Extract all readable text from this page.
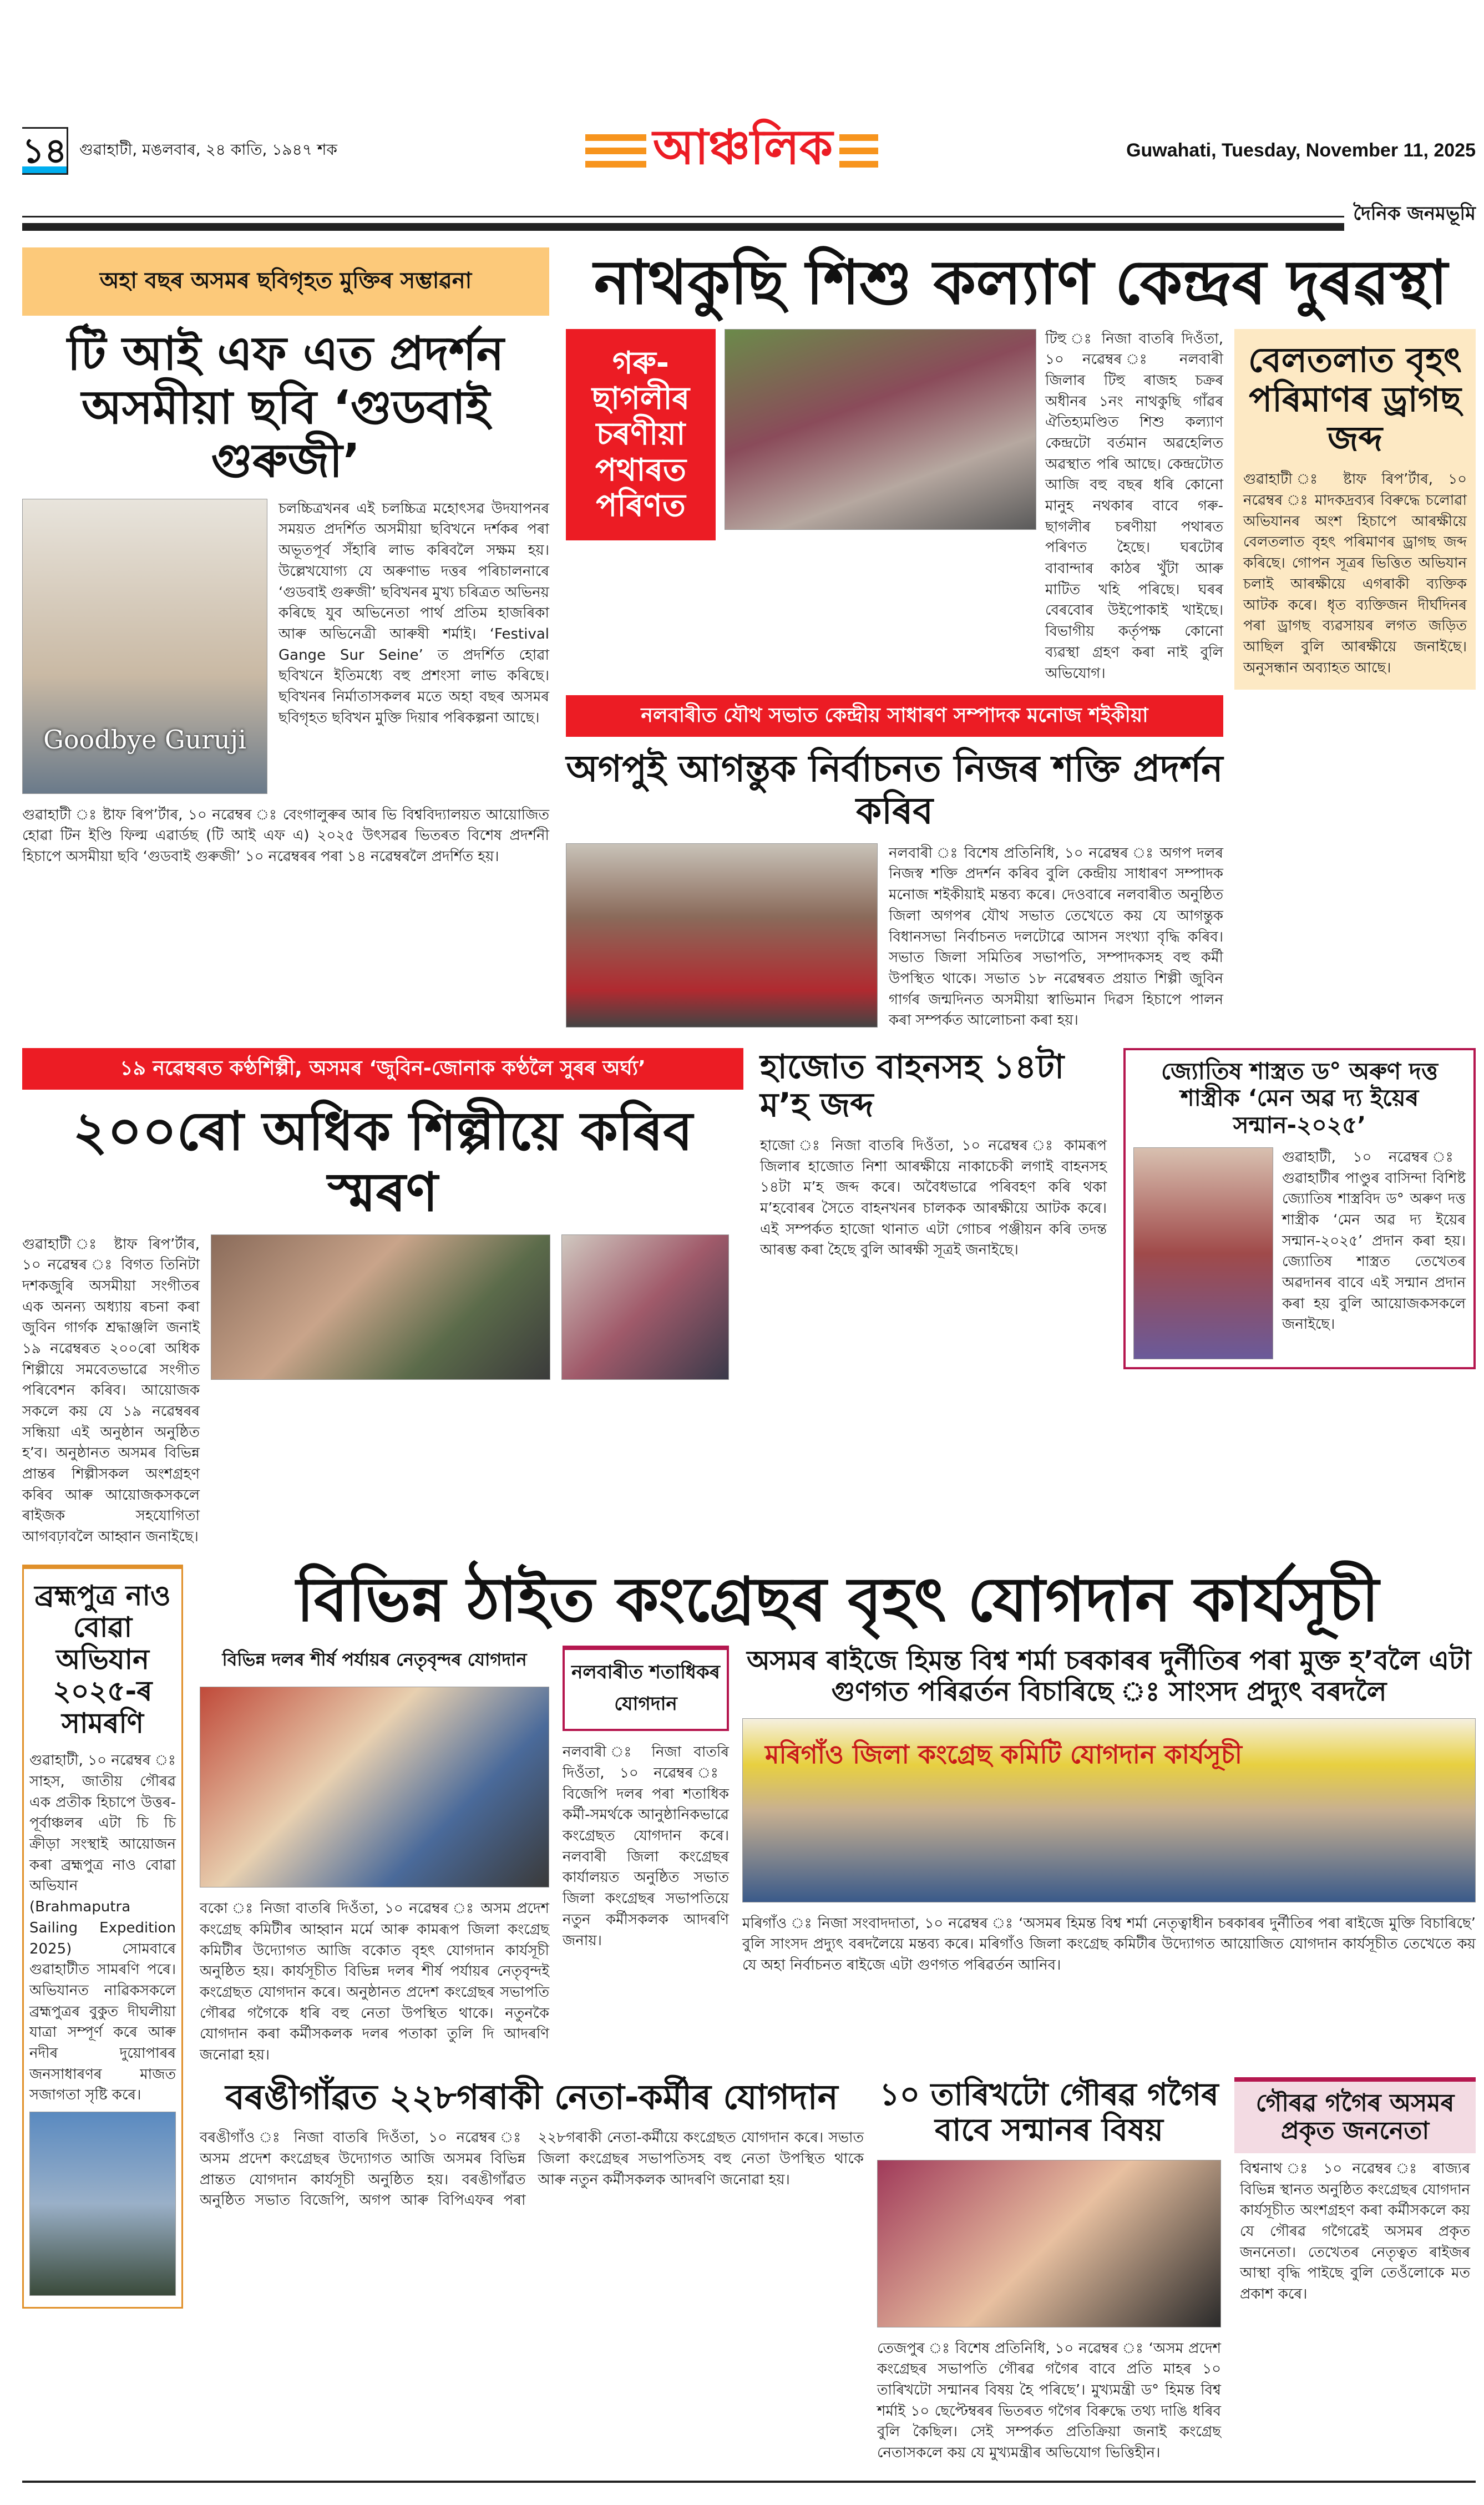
১৪ গুৱাহাটী, মঙলবাৰ, ২৪ কাতি, ১৯৪৭ শক	আঞ্চলিক	Guwahati, Tuesday, November 11, 2025
দৈনিক জনমভূমি
অহা বছৰ অসমৰ ছবিগৃহত মুক্তিৰ সম্ভাৱনা
টি আই এফ এত প্ৰদৰ্শন অসমীয়া ছবি ‘গুডবাই গুৰুজী’
Goodbye Guruji
চলচ্চিত্ৰখনৰ এই চলচ্চিত্ৰ মহোৎসৱ উদযাপনৰ সময়ত প্ৰদৰ্শিত অসমীয়া ছবিখনে দৰ্শকৰ পৰা অভূতপূৰ্ব সঁহাৰি লাভ কৰিবলৈ সক্ষম হয়। উল্লেখযোগ্য যে অৰুণাভ দত্তৰ পৰিচালনাৰে ‘গুডবাই গুৰুজী’ ছবিখনৰ মুখ্য চৰিত্ৰত অভিনয় কৰিছে যুব অভিনেতা পাৰ্থ প্ৰতিম হাজৰিকা আৰু অভিনেত্ৰী আৰুষী শৰ্মাই। ‘Festival Gange Sur Seine’ ত প্ৰদৰ্শিত হোৱা ছবিখনে ইতিমধ্যে বহু প্ৰশংসা লাভ কৰিছে। ছবিখনৰ নিৰ্মাতাসকলৰ মতে অহা বছৰ অসমৰ ছবিগৃহত ছবিখন মুক্তি দিয়াৰ পৰিকল্পনা আছে।
গুৱাহাটী ঃ ষ্টাফ ৰিপ’ৰ্টাৰ, ১০ নৱেম্বৰ ঃ বেংগালুৰুৰ আৰ ভি বিশ্ববিদ্যালয়ত আয়োজিত হোৱা টিন ইণ্ডি ফিল্ম এৱাৰ্ডছ (টি আই এফ এ) ২০২৫ উৎসৱৰ ভিতৰত বিশেষ প্ৰদৰ্শনী হিচাপে অসমীয়া ছবি ‘গুডবাই গুৰুজী’ ১০ নৱেম্বৰৰ পৰা ১৪ নৱেম্বৰলৈ প্ৰদৰ্শিত হয়।
নাথকুছি শিশু কল্যাণ কেন্দ্ৰৰ দুৰৱস্থা
গৰু-ছাগলীৰ চৰণীয়া পথাৰত পৰিণত
টিহু ঃ নিজা বাতৰি দিওঁতা, ১০ নৱেম্বৰ ঃ নলবাৰী জিলাৰ টিহু ৰাজহ চক্ৰৰ অধীনৰ ১নং নাথকুছি গাঁৱৰ ঐতিহ্যমণ্ডিত শিশু কল্যাণ কেন্দ্ৰটো বৰ্তমান অৱহেলিত অৱস্থাত পৰি আছে। কেন্দ্ৰটোত আজি বহু বছৰ ধৰি কোনো মানুহ নথকাৰ বাবে গৰু-ছাগলীৰ চৰণীয়া পথাৰত পৰিণত হৈছে। ঘৰটোৰ বাবান্দাৰ কাঠৰ খুঁটা আৰু মাটিত খহি পৰিছে। ঘৰৰ বেৰবোৰ উইপোকাই খাইছে। বিভাগীয় কৰ্তৃপক্ষ কোনো ব্যৱস্থা গ্ৰহণ কৰা নাই বুলি অভিযোগ।
নলবাৰীত যৌথ সভাত কেন্দ্ৰীয় সাধাৰণ সম্পাদক মনোজ শইকীয়া
অগপুই আগন্তুক নিৰ্বাচনত নিজৰ শক্তি প্ৰদৰ্শন কৰিব
নলবাৰী ঃ বিশেষ প্ৰতিনিধি, ১০ নৱেম্বৰ ঃ অগপ দলৰ নিজস্ব শক্তি প্ৰদৰ্শন কৰিব বুলি কেন্দ্ৰীয় সাধাৰণ সম্পাদক মনোজ শইকীয়াই মন্তব্য কৰে। দেওবাৰে নলবাৰীত অনুষ্ঠিত জিলা অগপৰ যৌথ সভাত তেখেতে কয় যে আগন্তুক বিধানসভা নিৰ্বাচনত দলটোৱে আসন সংখ্যা বৃদ্ধি কৰিব। সভাত জিলা সমিতিৰ সভাপতি, সম্পাদকসহ বহু কৰ্মী উপস্থিত থাকে। সভাত ১৮ নৱেম্বৰত প্ৰয়াত শিল্পী জুবিন গাৰ্গৰ জন্মদিনত অসমীয়া স্বাভিমান দিৱস হিচাপে পালন কৰা সম্পৰ্কত আলোচনা কৰা হয়।
বেলতলাত বৃহৎ পৰিমাণৰ ড্ৰাগছ জব্দ
গুৱাহাটী ঃ ষ্টাফ ৰিপ’ৰ্টাৰ, ১০ নৱেম্বৰ ঃ মাদকদ্ৰব্যৰ বিৰুদ্ধে চলোৱা অভিযানৰ অংশ হিচাপে আৰক্ষীয়ে বেলতলাত বৃহৎ পৰিমাণৰ ড্ৰাগছ জব্দ কৰিছে। গোপন সূত্ৰৰ ভিত্তিত অভিযান চলাই আৰক্ষীয়ে এগৰাকী ব্যক্তিক আটক কৰে। ধৃত ব্যক্তিজন দীৰ্ঘদিনৰ পৰা ড্ৰাগছ ব্যৱসায়ৰ লগত জড়িত আছিল বুলি আৰক্ষীয়ে জনাইছে। অনুসন্ধান অব্যাহত আছে।
১৯ নৱেম্বৰত কণ্ঠশিল্পী, অসমৰ ‘জুবিন-জোনাক কণ্ঠলৈ সুৰৰ অৰ্ঘ্য’
২০০ৰো অধিক শিল্পীয়ে কৰিব স্মৰণ
গুৱাহাটী ঃ ষ্টাফ ৰিপ’ৰ্টাৰ, ১০ নৱেম্বৰ ঃ বিগত তিনিটা দশকজুৰি অসমীয়া সংগীতৰ এক অনন্য অধ্যায় ৰচনা কৰা জুবিন গাৰ্গক শ্ৰদ্ধাঞ্জলি জনাই ১৯ নৱেম্বৰত ২০০ৰো অধিক শিল্পীয়ে সমবেতভাৱে সংগীত পৰিবেশন কৰিব। আয়োজক সকলে কয় যে ১৯ নৱেম্বৰৰ সন্ধিয়া এই অনুষ্ঠান অনুষ্ঠিত হ’ব। অনুষ্ঠানত অসমৰ বিভিন্ন প্ৰান্তৰ শিল্পীসকল অংশগ্ৰহণ কৰিব আৰু আয়োজকসকলে ৰাইজক সহযোগিতা আগবঢ়াবলৈ আহ্বান জনাইছে।
হাজোত বাহনসহ ১৪টা ম’হ জব্দ
হাজো ঃ নিজা বাতৰি দিওঁতা, ১০ নৱেম্বৰ ঃ কামৰূপ জিলাৰ হাজোত নিশা আৰক্ষীয়ে নাকাচেকী লগাই বাহনসহ ১৪টা ম’হ জব্দ কৰে। অবৈধভাৱে পৰিবহণ কৰি থকা ম’হবোৰৰ সৈতে বাহনখনৰ চালকক আৰক্ষীয়ে আটক কৰে। এই সম্পৰ্কত হাজো থানাত এটা গোচৰ পঞ্জীয়ন কৰি তদন্ত আৰম্ভ কৰা হৈছে বুলি আৰক্ষী সূত্ৰই জনাইছে।
জ্যোতিষ শাস্ত্ৰত ড° অৰুণ দত্ত শাস্ত্ৰীক ‘মেন অৱ দ্য ইয়েৰ সন্মান-২০২৫’
গুৱাহাটী, ১০ নৱেম্বৰ ঃ গুৱাহাটীৰ পাণ্ডুৰ বাসিন্দা বিশিষ্ট জ্যোতিষ শাস্ত্ৰবিদ ড° অৰুণ দত্ত শাস্ত্ৰীক ‘মেন অৱ দ্য ইয়েৰ সন্মান-২০২৫’ প্ৰদান কৰা হয়। জ্যোতিষ শাস্ত্ৰত তেখেতৰ অৱদানৰ বাবে এই সন্মান প্ৰদান কৰা হয় বুলি আয়োজকসকলে জনাইছে।
ব্ৰহ্মপুত্ৰ নাও বোৱা অভিযান ২০২৫-ৰ সামৰণি
গুৱাহাটী, ১০ নৱেম্বৰ ঃ সাহস, জাতীয় গৌৰৱ এক প্ৰতীক হিচাপে উত্তৰ-পূৰ্বাঞ্চলৰ এটা চি চি ক্ৰীড়া সংস্থাই আয়োজন কৰা ব্ৰহ্মপুত্ৰ নাও বোৱা অভিযান (Brahmaputra Sailing Expedition 2025) সোমবাৰে গুৱাহাটীত সামৰণি পৰে। অভিযানত নাৱিকসকলে ব্ৰহ্মপুত্ৰৰ বুকুত দীঘলীয়া যাত্ৰা সম্পূৰ্ণ কৰে আৰু নদীৰ দুয়োপাৰৰ জনসাধাৰণৰ মাজত সজাগতা সৃষ্টি কৰে।
বিভিন্ন ঠাইত কংগ্ৰেছৰ বৃহৎ যোগদান কাৰ্যসূচী
বিভিন্ন দলৰ শীৰ্ষ পৰ্যায়ৰ নেতৃবৃন্দৰ যোগদান
বকো ঃ নিজা বাতৰি দিওঁতা, ১০ নৱেম্বৰ ঃ অসম প্ৰদেশ কংগ্ৰেছ কমিটীৰ আহ্বান মৰ্মে আৰু কামৰূপ জিলা কংগ্ৰেছ কমিটীৰ উদ্যোগত আজি বকোত বৃহৎ যোগদান কাৰ্যসূচী অনুষ্ঠিত হয়। কাৰ্যসূচীত বিভিন্ন দলৰ শীৰ্ষ পৰ্যায়ৰ নেতৃবৃন্দই কংগ্ৰেছত যোগদান কৰে। অনুষ্ঠানত প্ৰদেশ কংগ্ৰেছৰ সভাপতি গৌৰৱ গগৈকে ধৰি বহু নেতা উপস্থিত থাকে। নতুনকৈ যোগদান কৰা কৰ্মীসকলক দলৰ পতাকা তুলি দি আদৰণি জনোৱা হয়।
নলবাৰীত শতাধিকৰ যোগদান
নলবাৰী ঃ নিজা বাতৰি দিওঁতা, ১০ নৱেম্বৰ ঃ বিজেপি দলৰ পৰা শতাধিক কৰ্মী-সমৰ্থকে আনুষ্ঠানিকভাৱে কংগ্ৰেছত যোগদান কৰে। নলবাৰী জিলা কংগ্ৰেছৰ কাৰ্যালয়ত অনুষ্ঠিত সভাত জিলা কংগ্ৰেছৰ সভাপতিয়ে নতুন কৰ্মীসকলক আদৰণি জনায়।
অসমৰ ৰাইজে হিমন্ত বিশ্ব শৰ্মা চৰকাৰৰ দুৰ্নীতিৰ পৰা মুক্ত হ’বলৈ এটা গুণগত পৰিৱৰ্তন বিচাৰিছে ঃ সাংসদ প্ৰদ্যুৎ বৰদলৈ
মৰিগাঁও জিলা কংগ্ৰেছ কমিটি যোগদান কাৰ্যসূচী
মৰিগাঁও ঃ নিজা সংবাদদাতা, ১০ নৱেম্বৰ ঃ ‘অসমৰ হিমন্ত বিশ্ব শৰ্মা নেতৃত্বাধীন চৰকাৰৰ দুৰ্নীতিৰ পৰা ৰাইজে মুক্তি বিচাৰিছে’ বুলি সাংসদ প্ৰদ্যুৎ বৰদলৈয়ে মন্তব্য কৰে। মৰিগাঁও জিলা কংগ্ৰেছ কমিটীৰ উদ্যোগত আয়োজিত যোগদান কাৰ্যসূচীত তেখেতে কয় যে অহা নিৰ্বাচনত ৰাইজে এটা গুণগত পৰিৱৰ্তন আনিব।
বৰঙীগাঁৱত ২২৮গৰাকী নেতা-কৰ্মীৰ যোগদান
বৰঙীগাঁও ঃ নিজা বাতৰি দিওঁতা, ১০ নৱেম্বৰ ঃ অসম প্ৰদেশ কংগ্ৰেছৰ উদ্যোগত আজি অসমৰ বিভিন্ন প্ৰান্তত যোগদান কাৰ্যসূচী অনুষ্ঠিত হয়। বৰঙীগাঁৱত অনুষ্ঠিত সভাত বিজেপি, অগপ আৰু বিপিএফৰ পৰা ২২৮গৰাকী নেতা-কৰ্মীয়ে কংগ্ৰেছত যোগদান কৰে। সভাত জিলা কংগ্ৰেছৰ সভাপতিসহ বহু নেতা উপস্থিত থাকে আৰু নতুন কৰ্মীসকলক আদৰণি জনোৱা হয়।
১০ তাৰিখটো গৌৰৱ গগৈৰ বাবে সন্মানৰ বিষয়
তেজপুৰ ঃ বিশেষ প্ৰতিনিধি, ১০ নৱেম্বৰ ঃ ‘অসম প্ৰদেশ কংগ্ৰেছৰ সভাপতি গৌৰৱ গগৈৰ বাবে প্ৰতি মাহৰ ১০ তাৰিখটো সন্মানৰ বিষয় হৈ পৰিছে’। মুখ্যমন্ত্ৰী ড° হিমন্ত বিশ্ব শৰ্মাই ১০ ছেপ্টেম্বৰৰ ভিতৰত গগৈৰ বিৰুদ্ধে তথ্য দাঙি ধৰিব বুলি কৈছিল। সেই সম্পৰ্কত প্ৰতিক্ৰিয়া জনাই কংগ্ৰেছ নেতাসকলে কয় যে মুখ্যমন্ত্ৰীৰ অভিযোগ ভিত্তিহীন।
গৌৰৱ গগৈৰ অসমৰ প্ৰকৃত জননেতা
বিশ্বনাথ ঃ ১০ নৱেম্বৰ ঃ ৰাজ্যৰ বিভিন্ন স্থানত অনুষ্ঠিত কংগ্ৰেছৰ যোগদান কাৰ্যসূচীত অংশগ্ৰহণ কৰা কৰ্মীসকলে কয় যে গৌৰৱ গগৈৱেই অসমৰ প্ৰকৃত জননেতা। তেখেতৰ নেতৃত্বত ৰাইজৰ আস্থা বৃদ্ধি পাইছে বুলি তেওঁলোকে মত প্ৰকাশ কৰে।
